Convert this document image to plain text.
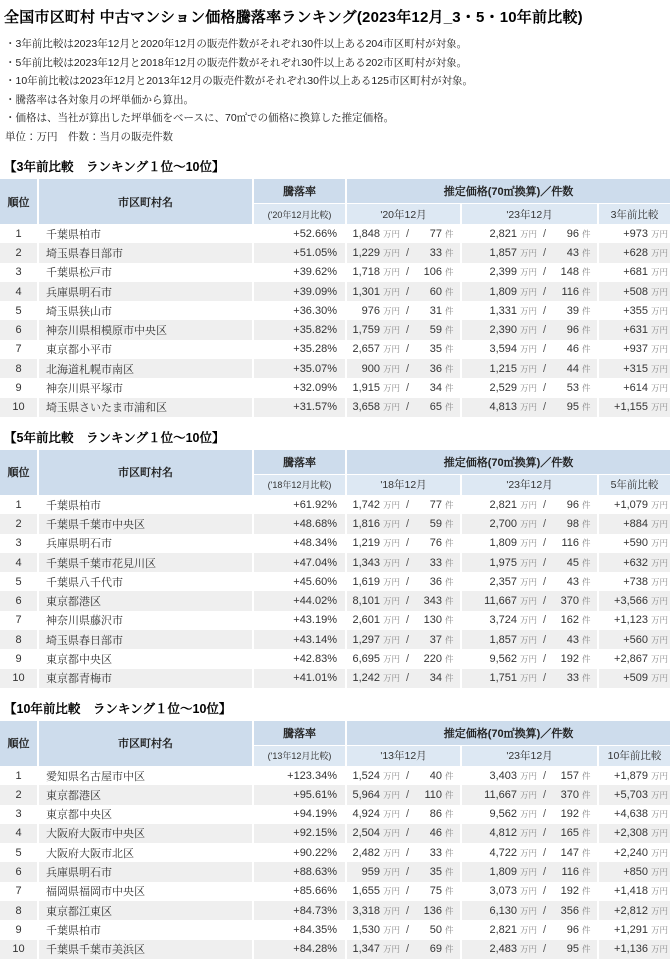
全国市区町村 中古マンション価格騰落率ランキング(2023年12月_3・5・10年前比較)
・3年前比較は2023年12月と2020年12月の販売件数がそれぞれ30件以上ある204市区町村が対象。
・5年前比較は2023年12月と2018年12月の販売件数がそれぞれ30件以上ある202市区町村が対象。
・10年前比較は2023年12月と2013年12月の販売件数がそれぞれ30件以上ある125市区町村が対象。
・騰落率は各対象月の坪単価から算出。
・価格は、当社が算出した坪単価をベースに、70㎡での価格に換算した推定価格。
単位：万円　件数：当月の販売件数
【3年前比較　ランキング１位～10位】
順位	市区町村名
騰落率
('20年12月比較)
推定価格(70㎡換算)／件数
'20年12月	'23年12月	3年前比較
1	千葉県柏市	+52.66%	1,848 万円 /	77 件	2,821 万円 /	96 件	+973 万円
2	埼玉県春日部市	+51.05%	1,229 万円 /	33 件	1,857 万円 /	43 件	+628 万円
3	千葉県松戸市	+39.62%	1,718 万円 /	106 件	2,399 万円 /	148 件	+681 万円
4	兵庫県明石市	+39.09%	1,301 万円 /	60 件	1,809 万円 /	116 件	+508 万円
5	埼玉県狭山市	+36.30%	976 万円 /	31 件	1,331 万円 /	39 件	+355 万円
6	神奈川県相模原市中央区	+35.82%	1,759 万円 /	59 件	2,390 万円 /	96 件	+631 万円
7	東京都小平市	+35.28%	2,657 万円 /	35 件	3,594 万円 /	46 件	+937 万円
8	北海道札幌市南区	+35.07%	900 万円 /	36 件	1,215 万円 /	44 件	+315 万円
9	神奈川県平塚市	+32.09%	1,915 万円 /	34 件	2,529 万円 /	53 件	+614 万円
10	埼玉県さいたま市浦和区	+31.57%	3,658 万円 /	65 件	4,813 万円 /	95 件	+1,155 万円
【5年前比較　ランキング１位～10位】
順位	市区町村名
騰落率
('18年12月比較)
推定価格(70㎡換算)／件数
'18年12月	'23年12月	5年前比較
1	千葉県柏市	+61.92%	1,742 万円 /	77 件	2,821 万円 /	96 件	+1,079 万円
2	千葉県千葉市中央区	+48.68%	1,816 万円 /	59 件	2,700 万円 /	98 件	+884 万円
3	兵庫県明石市	+48.34%	1,219 万円 /	76 件	1,809 万円 /	116 件	+590 万円
4	千葉県千葉市花見川区	+47.04%	1,343 万円 /	33 件	1,975 万円 /	45 件	+632 万円
5	千葉県八千代市	+45.60%	1,619 万円 /	36 件	2,357 万円 /	43 件	+738 万円
6	東京都港区	+44.02%	8,101 万円 /	343 件	11,667 万円 /	370 件	+3,566 万円
7	神奈川県藤沢市	+43.19%	2,601 万円 /	130 件	3,724 万円 /	162 件	+1,123 万円
8	埼玉県春日部市	+43.14%	1,297 万円 /	37 件	1,857 万円 /	43 件	+560 万円
9	東京都中央区	+42.83%	6,695 万円 /	220 件	9,562 万円 /	192 件	+2,867 万円
10	東京都青梅市	+41.01%	1,242 万円 /	34 件	1,751 万円 /	33 件	+509 万円
【10年前比較　ランキング１位～10位】
順位	市区町村名
騰落率
('13年12月比較)
推定価格(70㎡換算)／件数
'13年12月	'23年12月	10年前比較
1	愛知県名古屋市中区	+123.34%	1,524 万円 /	40 件	3,403 万円 /	157 件	+1,879 万円
2	東京都港区	+95.61%	5,964 万円 /	110 件	11,667 万円 /	370 件	+5,703 万円
3	東京都中央区	+94.19%	4,924 万円 /	86 件	9,562 万円 /	192 件	+4,638 万円
4	大阪府大阪市中央区	+92.15%	2,504 万円 /	46 件	4,812 万円 /	165 件	+2,308 万円
5	大阪府大阪市北区	+90.22%	2,482 万円 /	33 件	4,722 万円 /	147 件	+2,240 万円
6	兵庫県明石市	+88.63%	959 万円 /	35 件	1,809 万円 /	116 件	+850 万円
7	福岡県福岡市中央区	+85.66%	1,655 万円 /	75 件	3,073 万円 /	192 件	+1,418 万円
8	東京都江東区	+84.73%	3,318 万円 /	136 件	6,130 万円 /	356 件	+2,812 万円
9	千葉県柏市	+84.35%	1,530 万円 /	50 件	2,821 万円 /	96 件	+1,291 万円
10	千葉県千葉市美浜区	+84.28%	1,347 万円 /	69 件	2,483 万円 /	95 件	+1,136 万円
